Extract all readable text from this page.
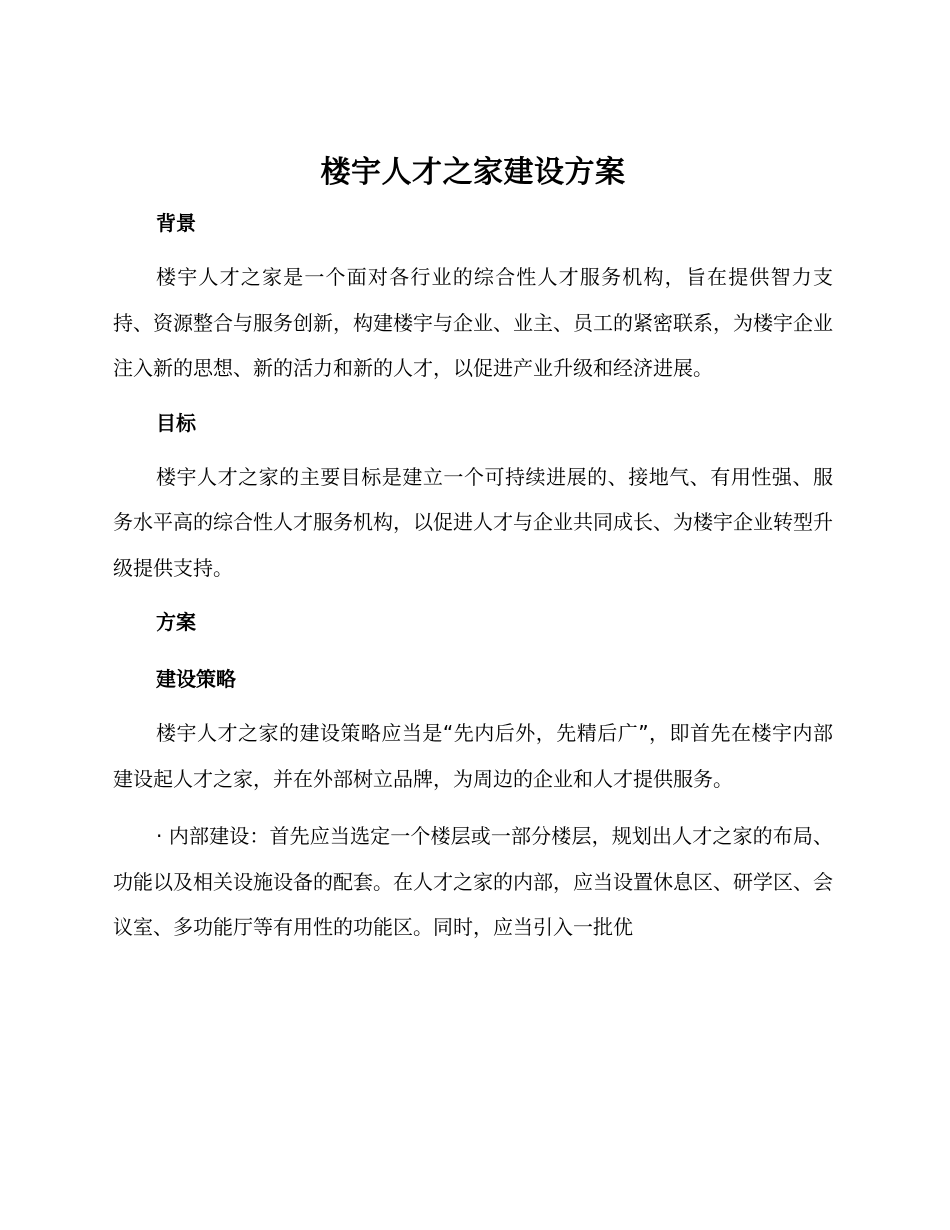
楼宇人才之家建设方案
背景

楼宇人才之家是一个面对各行业的综合性人才服务机构，旨在提供智力支持、资源整合与服务创新，构建楼宇与企业、业主、员工的紧密联系，为楼宇企业注入新的思想、新的活力和新的人才，以促进产业升级和经济进展。

目标

楼宇人才之家的主要目标是建立一个可持续进展的、接地气、有用性强、服务水平高的综合性人才服务机构，以促进人才与企业共同成长、为楼宇企业转型升级提供支持。

方案
建设策略

楼宇人才之家的建设策略应当是“先内后外，先精后广”，即首先在楼宇内部建设起人才之家，并在外部树立品牌，为周边的企业和人才提供服务。

· 内部建设：首先应当选定一个楼层或一部分楼层，规划出人才之家的布局、功能以及相关设施设备的配套。在人才之家的内部，应当设置休息区、研学区、会议室、多功能厅等有用性的功能区。同时，应当引入一批优
